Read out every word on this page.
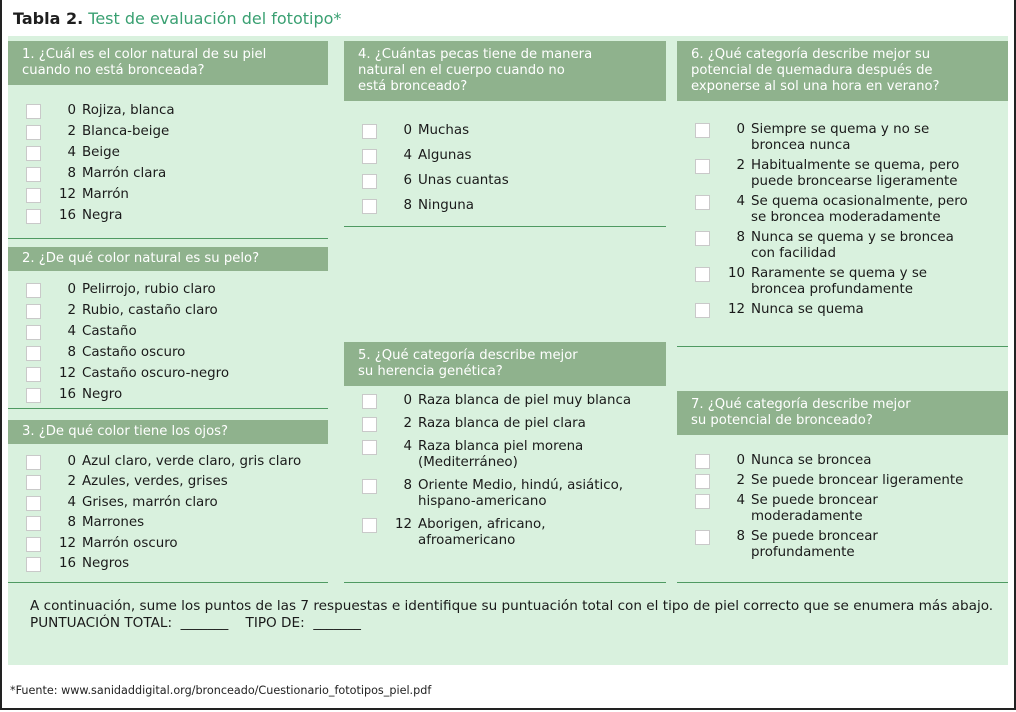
Tabla 2. Test de evaluación del fototipo*
1. ¿Cuál es el color natural de su piel
cuando no está bronceada?
0 Rojiza, blanca
2 Blanca-beige
4 Beige
8 Marrón clara
12 Marrón
16 Negra
2. ¿De qué color natural es su pelo?
0 Pelirrojo, rubio claro
2 Rubio, castaño claro
4 Castaño
8 Castaño oscuro
12 Castaño oscuro-negro
16 Negro
3. ¿De qué color tiene los ojos?
0 Azul claro, verde claro, gris claro
2 Azules, verdes, grises
4 Grises, marrón claro
8 Marrones
12 Marrón oscuro
16 Negros
4. ¿Cuántas pecas tiene de manera
natural en el cuerpo cuando no
está bronceado?
0 Muchas
4 Algunas
6 Unas cuantas
8 Ninguna
5. ¿Qué categoría describe mejor
su herencia genética?
0 Raza blanca de piel muy blanca
2 Raza blanca de piel clara
4 Raza blanca piel morena
(Mediterráneo)
8 Oriente Medio, hindú, asiático,
hispano-americano
12 Aborigen, africano,
afroamericano
6. ¿Qué categoría describe mejor su
potencial de quemadura después de
exponerse al sol una hora en verano?
0 Siempre se quema y no se
broncea nunca
2 Habitualmente se quema, pero
puede broncearse ligeramente
4 Se quema ocasionalmente, pero
se broncea moderadamente
8 Nunca se quema y se broncea
con facilidad
10 Raramente se quema y se
broncea profundamente
12 Nunca se quema
7. ¿Qué categoría describe mejor
su potencial de bronceado?
0 Nunca se broncea
2 Se puede broncear ligeramente
4 Se puede broncear
moderadamente
8 Se puede broncear
profundamente
A continuación, sume los puntos de las 7 respuestas e identifique su puntuación total con el tipo de piel correcto que se enumera más abajo.
PUNTUACIÓN TOTAL:  _______    TIPO DE:  _______
*Fuente: www.sanidaddigital.org/bronceado/Cuestionario_fototipos_piel.pdf
